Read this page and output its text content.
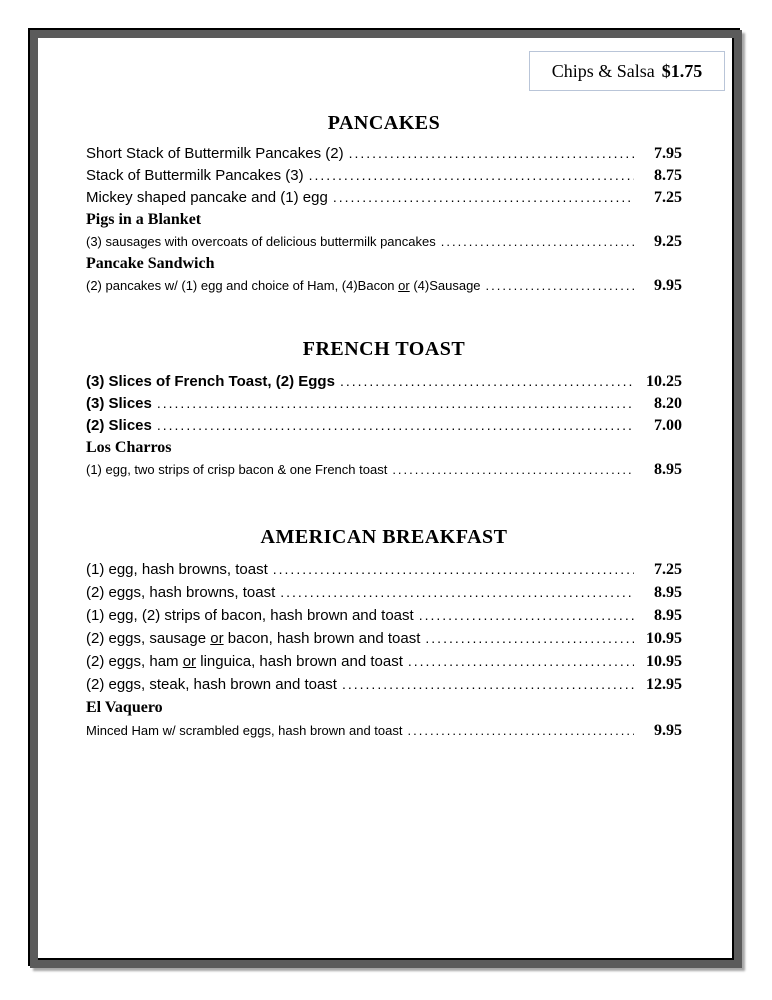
Chips & Salsa $1.75
PANCAKES
Short Stack of Buttermilk Pancakes (2) .....	7.95
Stack of Buttermilk Pancakes (3) .....	8.75
Mickey shaped pancake and (1) egg .....	7.25
Pigs in a Blanket
(3) sausages with overcoats of delicious buttermilk pancakes .....	9.25
Pancake Sandwich
(2) pancakes w/ (1) egg and choice of Ham, (4)Bacon or (4)Sausage .....	9.95
FRENCH TOAST
(3) Slices of French Toast, (2) Eggs .....	10.25
(3) Slices .....	8.20
(2) Slices .....	7.00
Los Charros
(1) egg, two strips of crisp bacon & one French toast .....	8.95
AMERICAN BREAKFAST
(1) egg, hash browns, toast .....	7.25
(2) eggs, hash browns, toast .....	8.95
(1) egg, (2) strips of bacon, hash brown and toast .....	8.95
(2) eggs, sausage or bacon, hash brown and toast .....	10.95
(2) eggs, ham or linguica, hash brown and toast .....	10.95
(2) eggs, steak, hash brown and toast .....	12.95
El Vaquero
Minced Ham w/ scrambled eggs, hash brown and toast .....	9.95
